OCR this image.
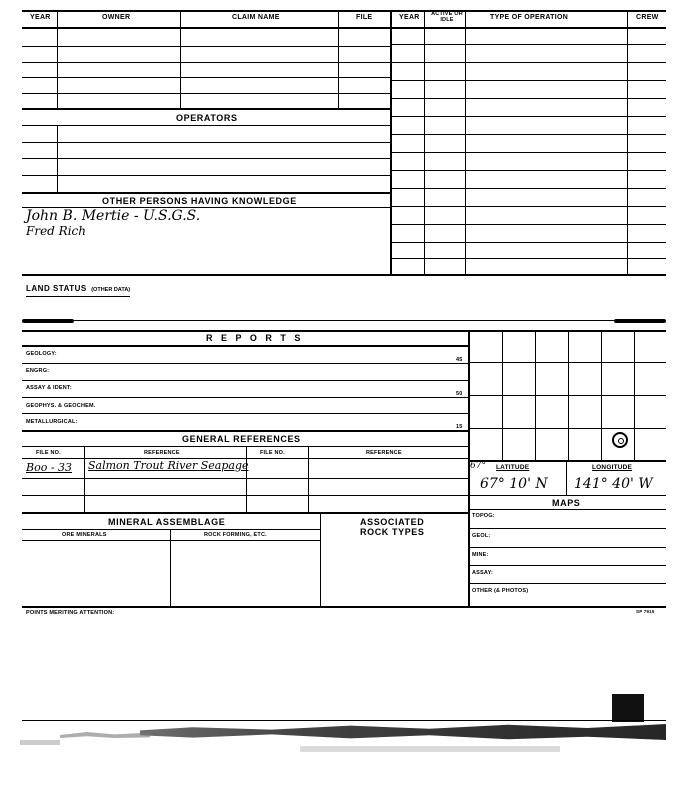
YEAR	OWNER	CLAIM NAME	FILE	YEAR ACTIVE OR IDLE	TYPE OF OPERATION	CREW
OPERATORS
OTHER PERSONS HAVING KNOWLEDGE
John B. Mertie - U.S.G.S.
Fred Rich
LAND STATUS (OTHER DATA)
R E P O R T S
GEOLOGY:
45
ENGRG:
ASSAY & IDENT:
50
GEOPHYS. & GEOCHEM.
METALLURGICAL:
15
GENERAL REFERENCES
FILE NO.	REFERENCE	FILE NO.	REFERENCE
Boo - 33 Salmon Trout River Seapage	67° LATITUDE	LONGITUDE
67° 10' N 141° 40' W
MAPS
TOPOG:
GEOL:
MINE:
ASSAY:
OTHER (& PHOTOS)
MINERAL ASSEMBLAGE	ASSOCIATED
ROCK TYPES
ORE MINERALS	ROCK FORMING, ETC.
POINTS MERITING ATTENTION:	SP 7915
